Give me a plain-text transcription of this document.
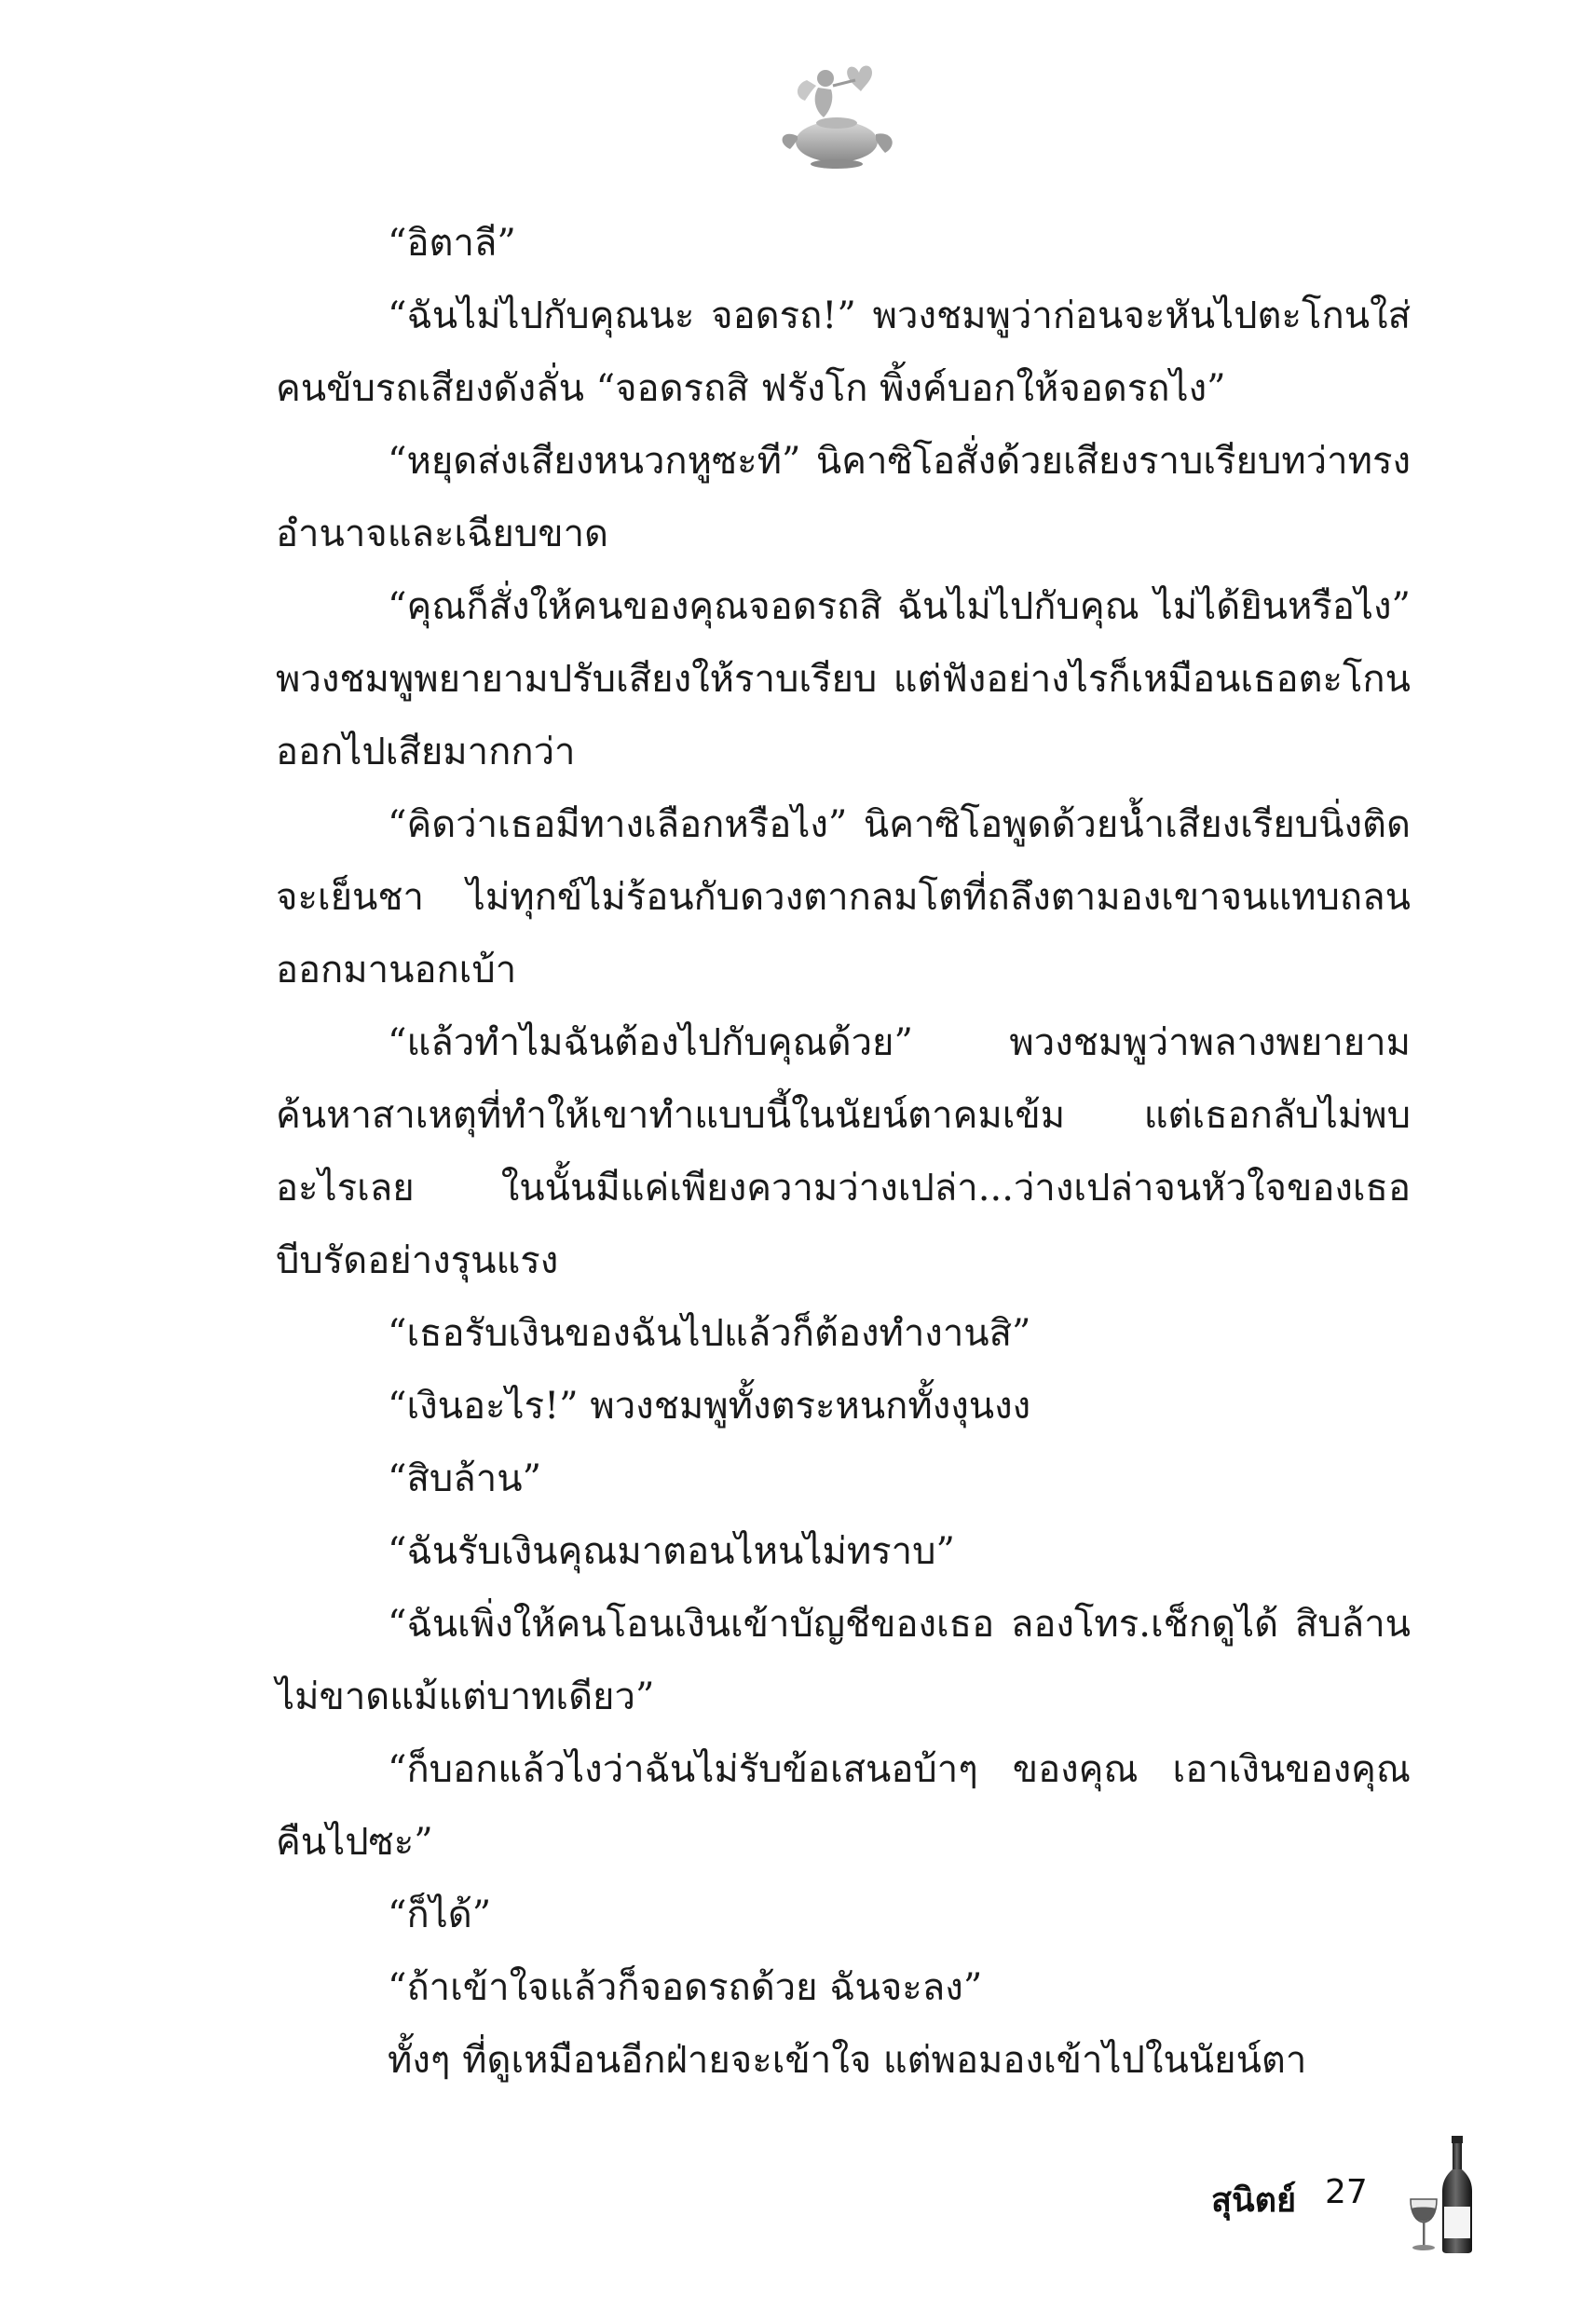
“อิตาลี”

“ฉันไม่ไปกับคุณนะ จอดรถ!” พวงชมพูว่าก่อนจะหันไปตะโกนใส่คนขับรถเสียงดังลั่น “จอดรถสิ ฟรังโก พิ้งค์บอกให้จอดรถไง”

“หยุดส่งเสียงหนวกหูซะที” นิคาซิโอสั่งด้วยเสียงราบเรียบทว่าทรงอำนาจและเฉียบขาด

“คุณก็สั่งให้คนของคุณจอดรถสิ ฉันไม่ไปกับคุณ ไม่ได้ยินหรือไง” พวงชมพูพยายามปรับเสียงให้ราบเรียบ แต่ฟังอย่างไรก็เหมือนเธอตะโกนออกไปเสียมากกว่า

“คิดว่าเธอมีทางเลือกหรือไง” นิคาซิโอพูดด้วยน้ำเสียงเรียบนิ่งติดจะเย็นชา ไม่ทุกข์ไม่ร้อนกับดวงตากลมโตที่ถลึงตามองเขาจนแทบถลนออกมานอกเบ้า

“แล้วทำไมฉันต้องไปกับคุณด้วย” พวงชมพูว่าพลางพยายามค้นหาสาเหตุที่ทำให้เขาทำแบบนี้ในนัยน์ตาคมเข้ม แต่เธอกลับไม่พบอะไรเลย ในนั้นมีแค่เพียงความว่างเปล่า...ว่างเปล่าจนหัวใจของเธอบีบรัดอย่างรุนแรง

“เธอรับเงินของฉันไปแล้วก็ต้องทำงานสิ”

“เงินอะไร!” พวงชมพูทั้งตระหนกทั้งงุนงง

“สิบล้าน”

“ฉันรับเงินคุณมาตอนไหนไม่ทราบ”

“ฉันเพิ่งให้คนโอนเงินเข้าบัญชีของเธอ ลองโทร.เช็กดูได้ สิบล้านไม่ขาดแม้แต่บาทเดียว”

“ก็บอกแล้วไงว่าฉันไม่รับข้อเสนอบ้าๆ ของคุณ เอาเงินของคุณคืนไปซะ”

“ก็ได้”

“ถ้าเข้าใจแล้วก็จอดรถด้วย ฉันจะลง”

ทั้งๆ ที่ดูเหมือนอีกฝ่ายจะเข้าใจ แต่พอมองเข้าไปในนัยน์ตา

สุนิตย์ 27
